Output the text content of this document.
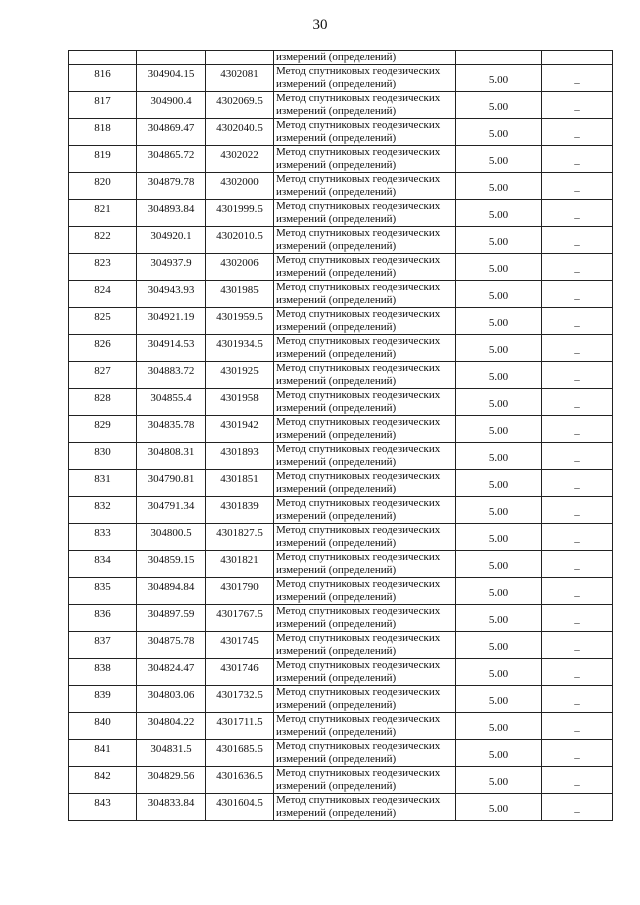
30
			измерений (определений)		
816	304904.15	4302081	Метод спутниковых геодезических
измерений (определений)	5.00	–
817	304900.4	4302069.5	Метод спутниковых геодезических
измерений (определений)	5.00	–
818	304869.47	4302040.5	Метод спутниковых геодезических
измерений (определений)	5.00	–
819	304865.72	4302022	Метод спутниковых геодезических
измерений (определений)	5.00	–
820	304879.78	4302000	Метод спутниковых геодезических
измерений (определений)	5.00	–
821	304893.84	4301999.5	Метод спутниковых геодезических
измерений (определений)	5.00	–
822	304920.1	4302010.5	Метод спутниковых геодезических
измерений (определений)	5.00	–
823	304937.9	4302006	Метод спутниковых геодезических
измерений (определений)	5.00	–
824	304943.93	4301985	Метод спутниковых геодезических
измерений (определений)	5.00	–
825	304921.19	4301959.5	Метод спутниковых геодезических
измерений (определений)	5.00	–
826	304914.53	4301934.5	Метод спутниковых геодезических
измерений (определений)	5.00	–
827	304883.72	4301925	Метод спутниковых геодезических
измерений (определений)	5.00	–
828	304855.4	4301958	Метод спутниковых геодезических
измерений (определений)	5.00	–
829	304835.78	4301942	Метод спутниковых геодезических
измерений (определений)	5.00	–
830	304808.31	4301893	Метод спутниковых геодезических
измерений (определений)	5.00	–
831	304790.81	4301851	Метод спутниковых геодезических
измерений (определений)	5.00	–
832	304791.34	4301839	Метод спутниковых геодезических
измерений (определений)	5.00	–
833	304800.5	4301827.5	Метод спутниковых геодезических
измерений (определений)	5.00	–
834	304859.15	4301821	Метод спутниковых геодезических
измерений (определений)	5.00	–
835	304894.84	4301790	Метод спутниковых геодезических
измерений (определений)	5.00	–
836	304897.59	4301767.5	Метод спутниковых геодезических
измерений (определений)	5.00	–
837	304875.78	4301745	Метод спутниковых геодезических
измерений (определений)	5.00	–
838	304824.47	4301746	Метод спутниковых геодезических
измерений (определений)	5.00	–
839	304803.06	4301732.5	Метод спутниковых геодезических
измерений (определений)	5.00	–
840	304804.22	4301711.5	Метод спутниковых геодезических
измерений (определений)	5.00	–
841	304831.5	4301685.5	Метод спутниковых геодезических
измерений (определений)	5.00	–
842	304829.56	4301636.5	Метод спутниковых геодезических
измерений (определений)	5.00	–
843	304833.84	4301604.5	Метод спутниковых геодезических
измерений (определений)	5.00	–
